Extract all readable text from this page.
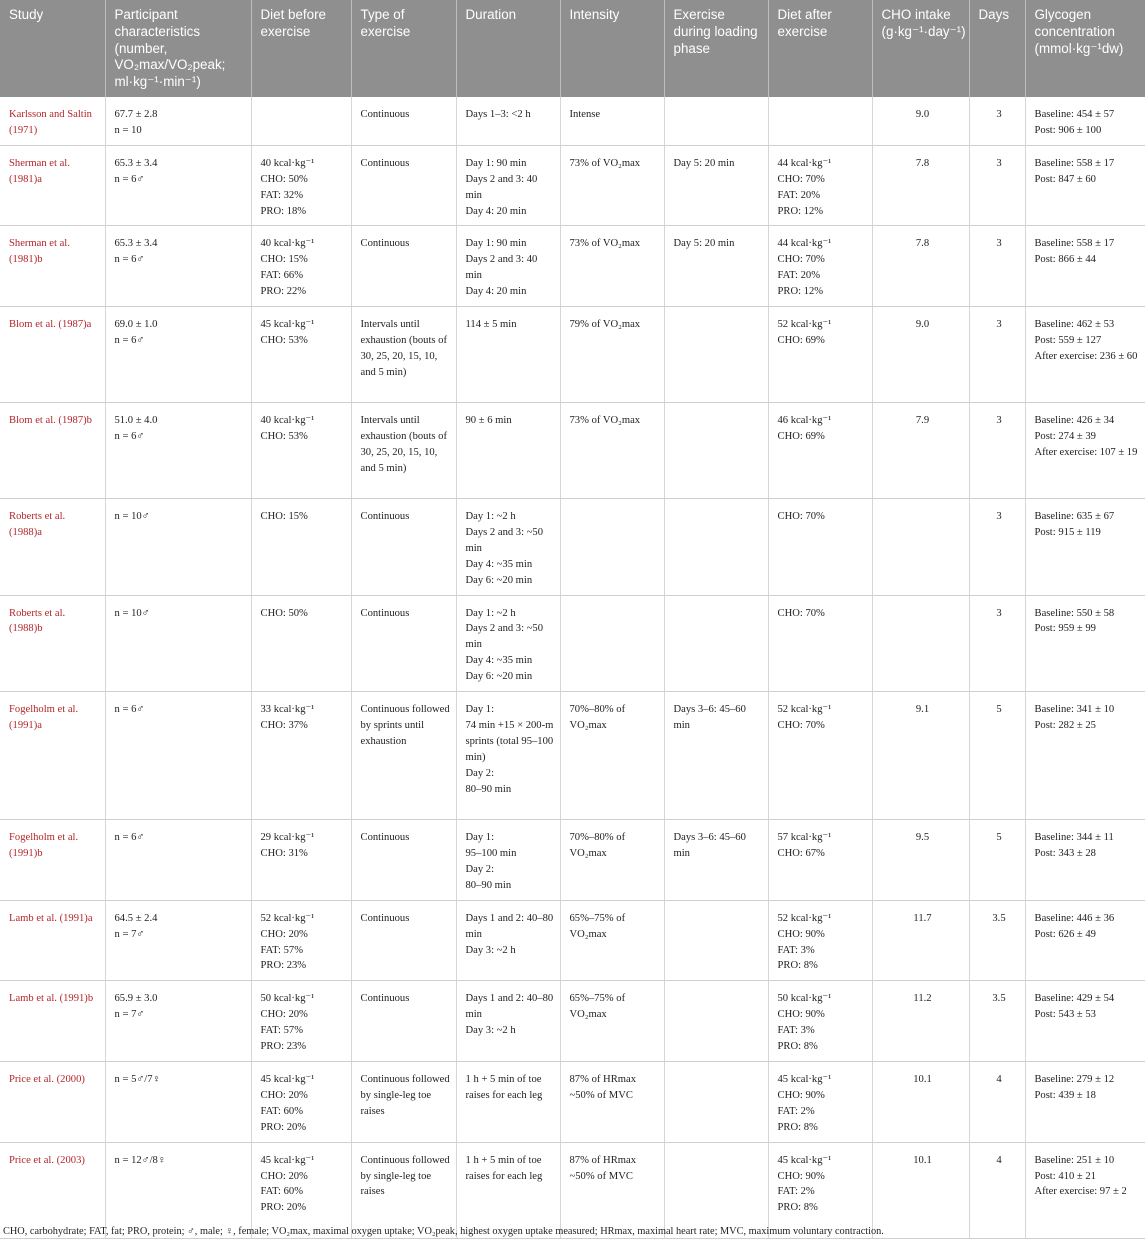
Study	Participant characteristics (number, VO₂max/VO₂peak; ml·kg⁻¹·min⁻¹)	Diet before exercise	Type of exercise	Duration	Intensity	Exercise during loading phase	Diet after exercise	CHO intake (g·kg⁻¹·day⁻¹)	Days	Glycogen concentration (mmol·kg⁻¹dw)
Karlsson and Saltin (1971)	67.7 ± 2.8
n = 10		Continuous	Days 1–3: <2 h	Intense			9.0	3	Baseline: 454 ± 57
Post: 906 ± 100
Sherman et al. (1981)a	65.3 ± 3.4
n = 6♂	40 kcal·kg⁻¹
CHO: 50%
FAT: 32%
PRO: 18%	Continuous	Day 1: 90 min
Days 2 and 3: 40 min
Day 4: 20 min	73% of VO₂max	Day 5: 20 min	44 kcal·kg⁻¹
CHO: 70%
FAT: 20%
PRO: 12%	7.8	3	Baseline: 558 ± 17
Post: 847 ± 60
Sherman et al. (1981)b	65.3 ± 3.4
n = 6♂	40 kcal·kg⁻¹
CHO: 15%
FAT: 66%
PRO: 22%	Continuous	Day 1: 90 min
Days 2 and 3: 40 min
Day 4: 20 min	73% of VO₂max	Day 5: 20 min	44 kcal·kg⁻¹
CHO: 70%
FAT: 20%
PRO: 12%	7.8	3	Baseline: 558 ± 17
Post: 866 ± 44
Blom et al. (1987)a	69.0 ± 1.0
n = 6♂	45 kcal·kg⁻¹
CHO: 53%	Intervals until exhaustion (bouts of 30, 25, 20, 15, 10, and 5 min)	114 ± 5 min	79% of VO₂max		52 kcal·kg⁻¹
CHO: 69%	9.0	3	Baseline: 462 ± 53
Post: 559 ± 127
After exercise: 236 ± 60
Blom et al. (1987)b	51.0 ± 4.0
n = 6♂	40 kcal·kg⁻¹
CHO: 53%	Intervals until exhaustion (bouts of 30, 25, 20, 15, 10, and 5 min)	90 ± 6 min	73% of VO₂max		46 kcal·kg⁻¹
CHO: 69%	7.9	3	Baseline: 426 ± 34
Post: 274 ± 39
After exercise: 107 ± 19
Roberts et al. (1988)a	n = 10♂	CHO: 15%	Continuous	Day 1: ~2 h
Days 2 and 3: ~50 min
Day 4: ~35 min
Day 6: ~20 min			CHO: 70%		3	Baseline: 635 ± 67
Post: 915 ± 119
Roberts et al. (1988)b	n = 10♂	CHO: 50%	Continuous	Day 1: ~2 h
Days 2 and 3: ~50 min
Day 4: ~35 min
Day 6: ~20 min			CHO: 70%		3	Baseline: 550 ± 58
Post: 959 ± 99
Fogelholm et al. (1991)a	n = 6♂	33 kcal·kg⁻¹
CHO: 37%	Continuous followed by sprints until exhaustion	Day 1:
74 min +15 × 200-m sprints (total 95–100 min)
Day 2:
80–90 min	70%–80% of VO₂max	Days 3–6: 45–60 min	52 kcal·kg⁻¹
CHO: 70%	9.1	5	Baseline: 341 ± 10
Post: 282 ± 25
Fogelholm et al. (1991)b	n = 6♂	29 kcal·kg⁻¹
CHO: 31%	Continuous	Day 1:
95–100 min
Day 2:
80–90 min	70%–80% of VO₂max	Days 3–6: 45–60 min	57 kcal·kg⁻¹
CHO: 67%	9.5	5	Baseline: 344 ± 11
Post: 343 ± 28
Lamb et al. (1991)a	64.5 ± 2.4
n = 7♂	52 kcal·kg⁻¹
CHO: 20%
FAT: 57%
PRO: 23%	Continuous	Days 1 and 2: 40–80 min
Day 3: ~2 h	65%–75% of VO₂max		52 kcal·kg⁻¹
CHO: 90%
FAT: 3%
PRO: 8%	11.7	3.5	Baseline: 446 ± 36
Post: 626 ± 49
Lamb et al. (1991)b	65.9 ± 3.0
n = 7♂	50 kcal·kg⁻¹
CHO: 20%
FAT: 57%
PRO: 23%	Continuous	Days 1 and 2: 40–80 min
Day 3: ~2 h	65%–75% of VO₂max		50 kcal·kg⁻¹
CHO: 90%
FAT: 3%
PRO: 8%	11.2	3.5	Baseline: 429 ± 54
Post: 543 ± 53
Price et al. (2000)	n = 5♂/7♀	45 kcal·kg⁻¹
CHO: 20%
FAT: 60%
PRO: 20%	Continuous followed by single-leg toe raises	1 h + 5 min of toe raises for each leg	87% of HRmax ~50% of MVC		45 kcal·kg⁻¹
CHO: 90%
FAT: 2%
PRO: 8%	10.1	4	Baseline: 279 ± 12
Post: 439 ± 18
Price et al. (2003)	n = 12♂/8♀	45 kcal·kg⁻¹
CHO: 20%
FAT: 60%
PRO: 20%	Continuous followed by single-leg toe raises	1 h + 5 min of toe raises for each leg	87% of HRmax ~50% of MVC		45 kcal·kg⁻¹
CHO: 90%
FAT: 2%
PRO: 8%	10.1	4	Baseline: 251 ± 10
Post: 410 ± 21
After exercise: 97 ± 2
CHO, carbohydrate; FAT, fat; PRO, protein; ♂, male; ♀, female; VO₂max, maximal oxygen uptake; VO₂peak, highest oxygen uptake measured; HRmax, maximal heart rate; MVC, maximum voluntary contraction.
